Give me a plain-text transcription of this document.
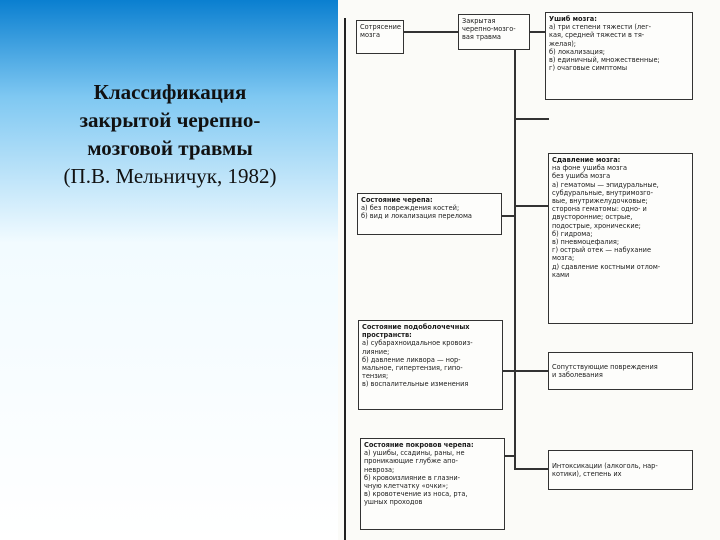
Классификация
закрытой черепно-
мозговой травмы
(П.В. Мельничук, 1982)
Сотрясение
мозга
Закрытая
черепно-мозго-
вая травма
Ушиб мозга:
а) три степени тяжести (лег-
кая, средней тяжести в тя-
желая);
б) локализация;
в) единичный, множественные;
г) очаговые симптомы
Состояние черепа:
а) без повреждения костей;
б) вид и локализация перелома
Сдавление мозга:
на фоне ушиба мозга
без ушиба мозга
а) гематомы — эпидуральные,
субдуральные, внутримозго-
вые, внутрижелудочковые;
сторона гематомы: одно- и
двусторонние; острые,
подострые, хронические;
б) гидрома;
в) пневмоцефалия;
г) острый отек — набухание
мозга;
д) сдавление костными отлом-
ками
Состояние подоболочечных пространств:
а) субарахноидальное кровоиз-
лияние;
б) давление ликвора — нор-
мальное, гипертензия, гипо-
тензия;
в) воспалительные изменения
Сопутствующие повреждения
и заболевания
Состояние покровов черепа:
а) ушибы, ссадины, раны, не
проникающие глубже апо-
невроза;
б) кровоизлияние в глазни-
чную клетчатку «очки»;
в) кровотечение из носа, ртa,
ушных проходов
Интоксикации (алкоголь, нар-
котики), степень их
